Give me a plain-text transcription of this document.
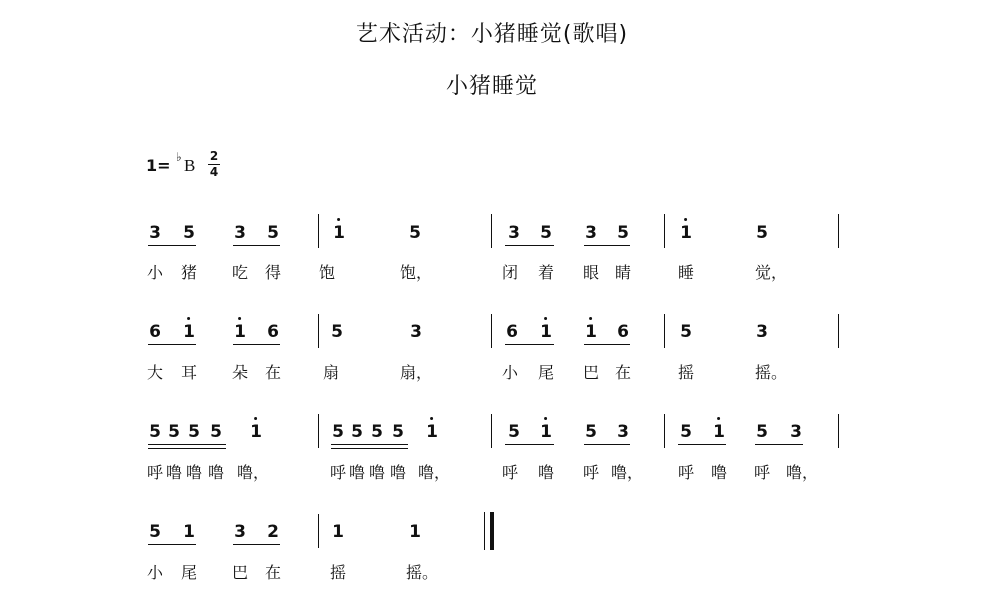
艺术活动：小猪睡觉(歌唱)
小猪睡觉
1= ♭ B 2
4
3 5 3 5	1	5	3 5 3 5	1	5
小 猪 吃 得 饱	饱，	闭 着 眼 睛	睡	觉，
6 1 1 6	5	3	6 1 1 6	5	3
大 耳 朵 在	扇	扇，	小 尾 巴 在	摇	摇。
5 5 5 5 1	5 5 5 5 1	5 1 5 3	5 1 5 3
呼 噜 噜 噜 噜，	呼 噜 噜 噜 噜，	呼 噜 呼 噜， 呼 噜 呼 噜，
5 1 3 2	1	1
小 尾 巴 在	摇	摇。
